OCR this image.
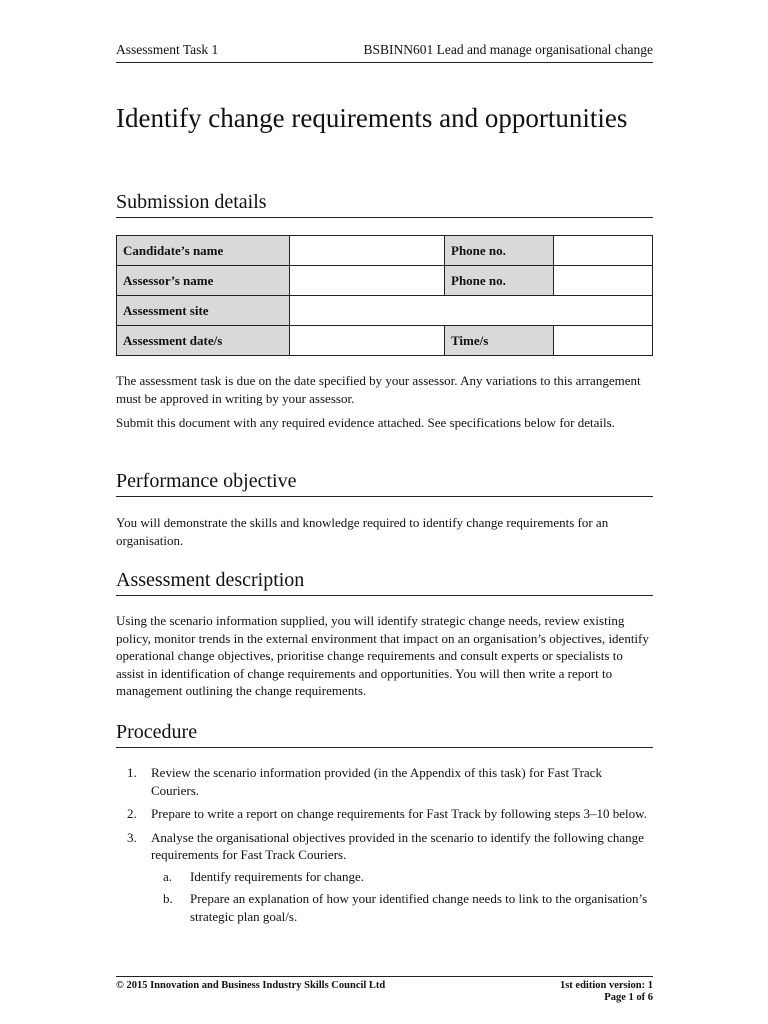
Assessment Task 1	BSBINN601 Lead and manage organisational change
Identify change requirements and opportunities
Submission details
Candidate’s name		Phone no.	
Assessor’s name		Phone no.	
Assessment site			
Assessment date/s		Time/s	

The assessment task is due on the date specified by your assessor. Any variations to this arrangement must be approved in writing by your assessor.

Submit this document with any required evidence attached. See specifications below for details.

Performance objective

You will demonstrate the skills and knowledge required to identify change requirements for an organisation.

Assessment description

Using the scenario information supplied, you will identify strategic change needs, review existing policy, monitor trends in the external environment that impact on an organisation’s objectives, identify operational change objectives, prioritise change requirements and consult experts or specialists to assist in identification of change requirements and opportunities. You will then write a report to management outlining the change requirements.

Procedure
1. Review the scenario information provided (in the Appendix of this task) for Fast Track Couriers.
2. Prepare to write a report on change requirements for Fast Track by following steps 3–10 below.
3. Analyse the organisational objectives provided in the scenario to identify the following change requirements for Fast Track Couriers.
a. Identify requirements for change.
b. Prepare an explanation of how your identified change needs to link to the organisation’s strategic plan goal/s.
© 2015 Innovation and Business Industry Skills Council Ltd	1st edition version: 1
Page 1 of 6
